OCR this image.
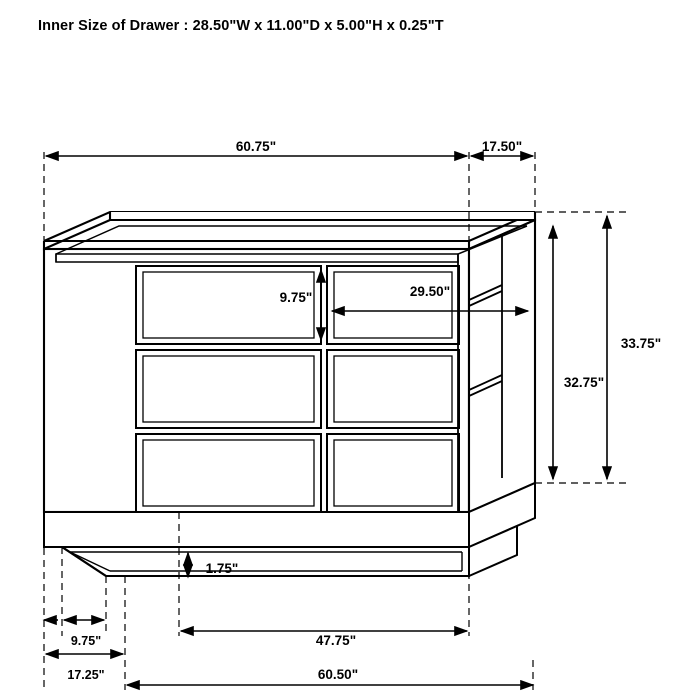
Inner Size of Drawer : 28.50"W x 11.00"D x 5.00"H x 0.25"T
60.75"	17.50"
9.75"	29.50"
32.75"
33.75"
1.75"
9.75"
17.25"
47.75"
60.50"
